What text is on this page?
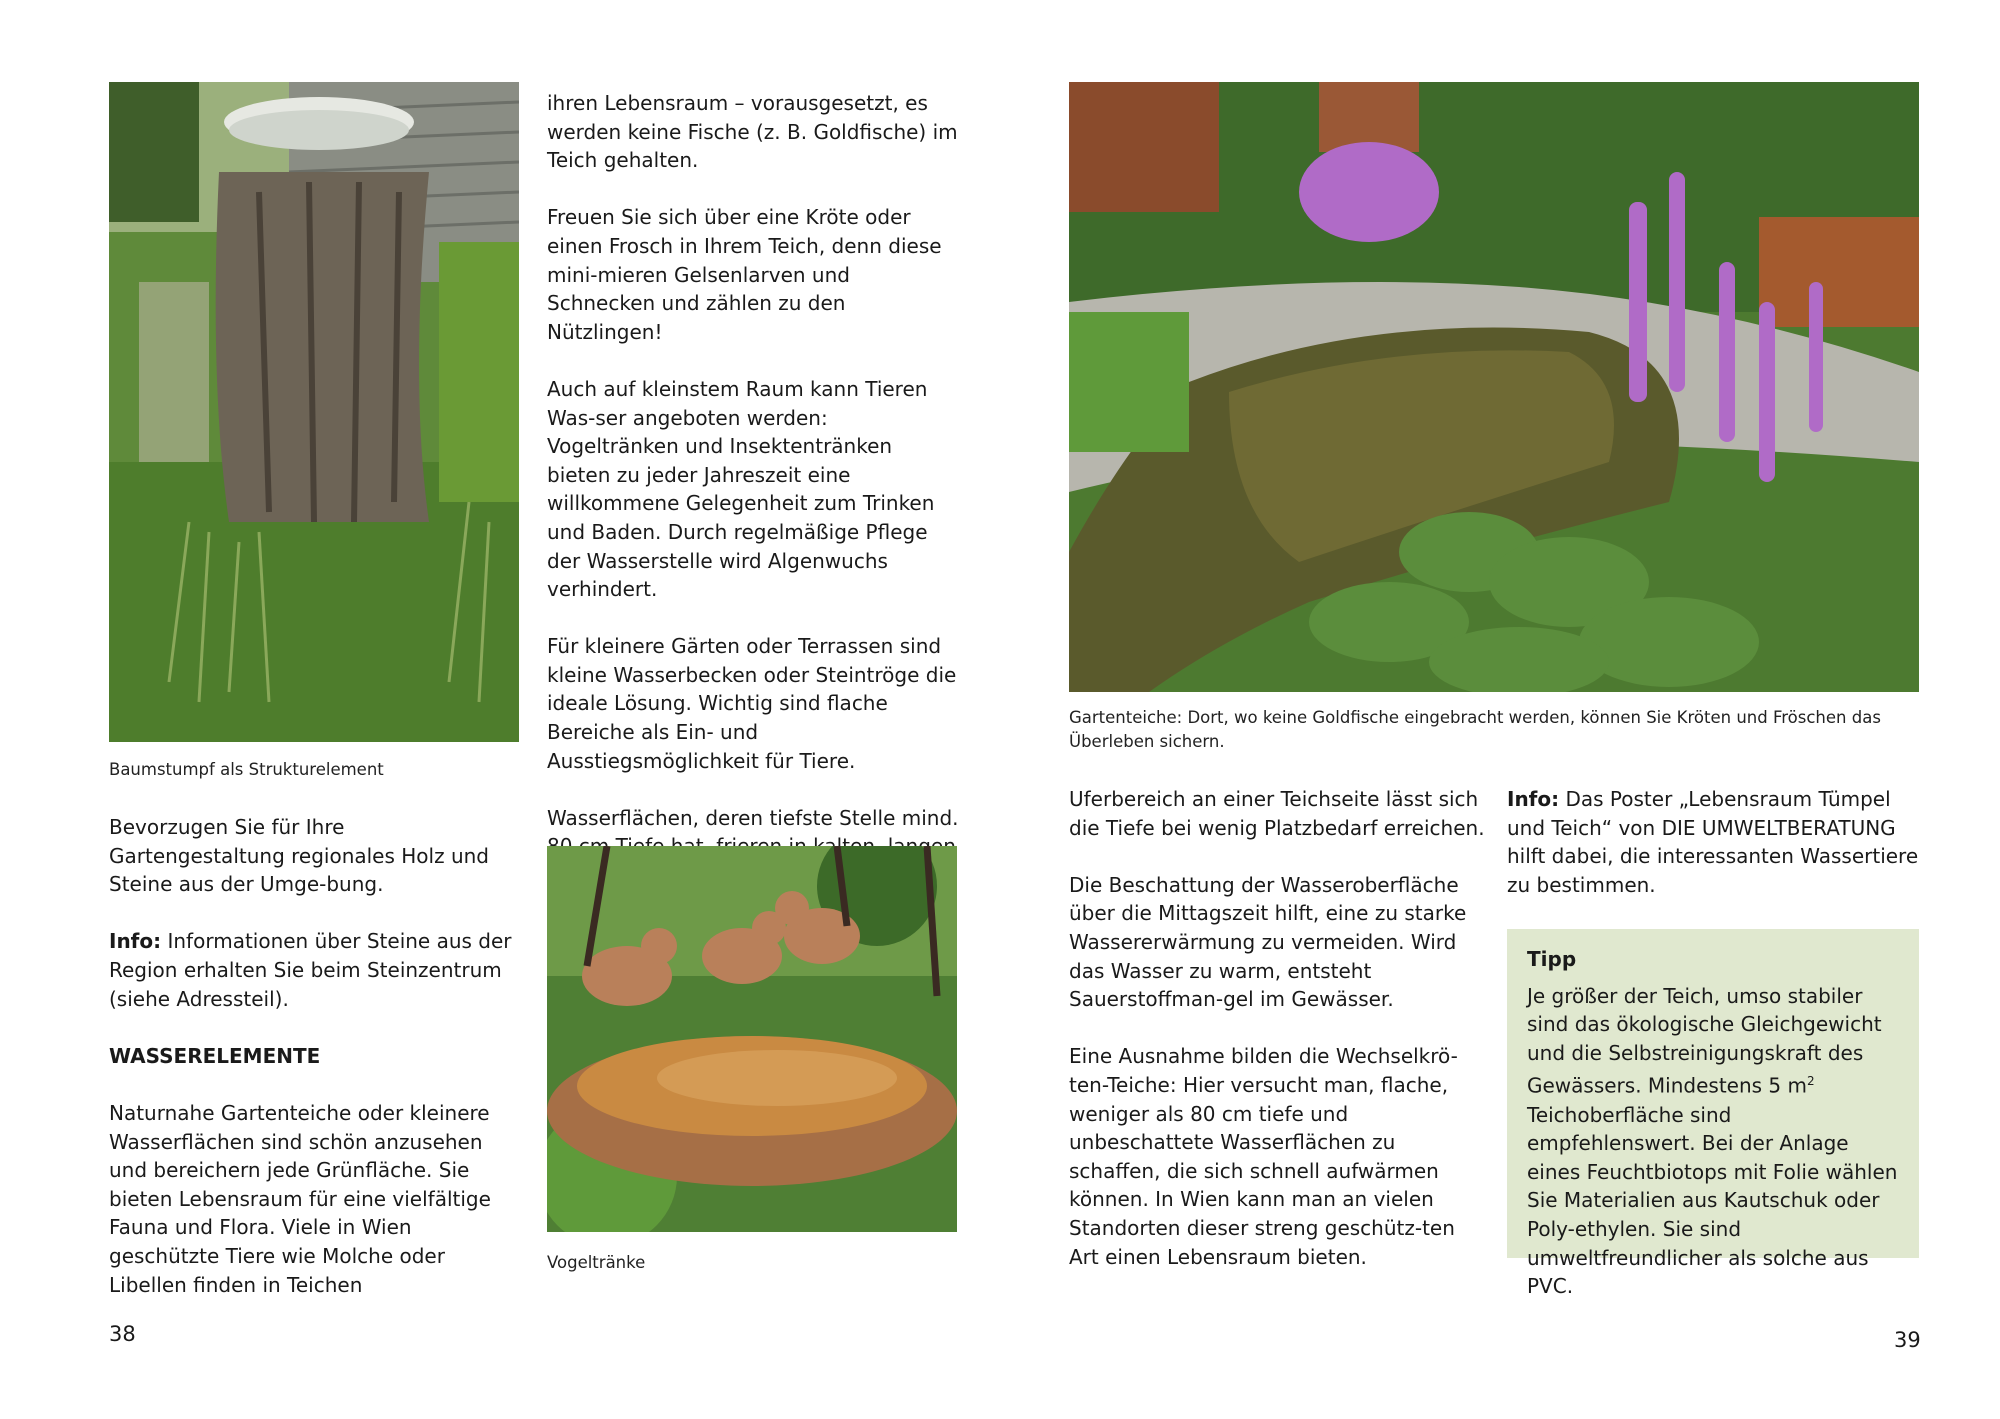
Baumstumpf als Strukturelement

Bevorzugen Sie für Ihre Gartengestaltung regionales Holz und Steine aus der Umge-bung.

Info: Informationen über Steine aus der Region erhalten Sie beim Steinzentrum (siehe Adressteil).

WASSERELEMENTE

Naturnahe Gartenteiche oder kleinere Wasserflächen sind schön anzusehen und bereichern jede Grünfläche. Sie bieten Lebensraum für eine vielfältige Fauna und Flora. Viele in Wien geschützte Tiere wie Molche oder Libellen finden in Teichen

ihren Lebensraum – vorausgesetzt, es werden keine Fische (z. B. Goldfische) im Teich gehalten.

Freuen Sie sich über eine Kröte oder einen Frosch in Ihrem Teich, denn diese mini-mieren Gelsenlarven und Schnecken und zählen zu den Nützlingen!

Auch auf kleinstem Raum kann Tieren Was-ser angeboten werden: Vogeltränken und Insektentränken bieten zu jeder Jahreszeit eine willkommene Gelegenheit zum Trinken und Baden. Durch regelmäßige Pflege der Wasserstelle wird Algenwuchs verhindert.

Für kleinere Gärten oder Terrassen sind kleine Wasserbecken oder Steintröge die ideale Lösung. Wichtig sind flache Bereiche als Ein- und Ausstiegsmöglichkeit für Tiere.

Wasserflächen, deren tiefste Stelle mind.

Vogeltränke

38

Gartenteiche: Dort, wo keine Goldfische eingebracht werden, können Sie Kröten und Fröschen das Überleben sichern.

Uferbereich an einer Teichseite lässt sich die Tiefe bei wenig Platzbedarf erreichen.

Die Beschattung der Wasseroberfläche über die Mittagszeit hilft, eine zu starke Wassererwärmung zu vermeiden. Wird das Wasser zu warm, entsteht Sauerstoffman-gel im Gewässer.

Eine Ausnahme bilden die Wechselkrö-ten-Teiche: Hier versucht man, flache, weniger als 80 cm tiefe und unbeschattete Wasserflächen zu schaffen, die sich schnell aufwärmen können. In Wien kann man an vielen Standorten dieser streng geschütz-ten Art einen Lebensraum bieten.

Info: Das Poster „Lebensraum Tümpel und Teich“ von DIE UMWELTBERATUNG hilft dabei, die interessanten Wassertiere zu bestimmen.

Tipp
Je größer der Teich, umso stabiler sind das ökologische Gleichgewicht und die Selbstreinigungskraft des Gewässers. Mindestens 5 $m^2$ Teichoberfläche sind empfehlenswert. Bei der Anlage eines Feuchtbiotops mit Folie wählen Sie Materialien aus Kautschuk oder Poly-ethylen. Sie sind umweltfreundlicher als solche aus PVC.
39
